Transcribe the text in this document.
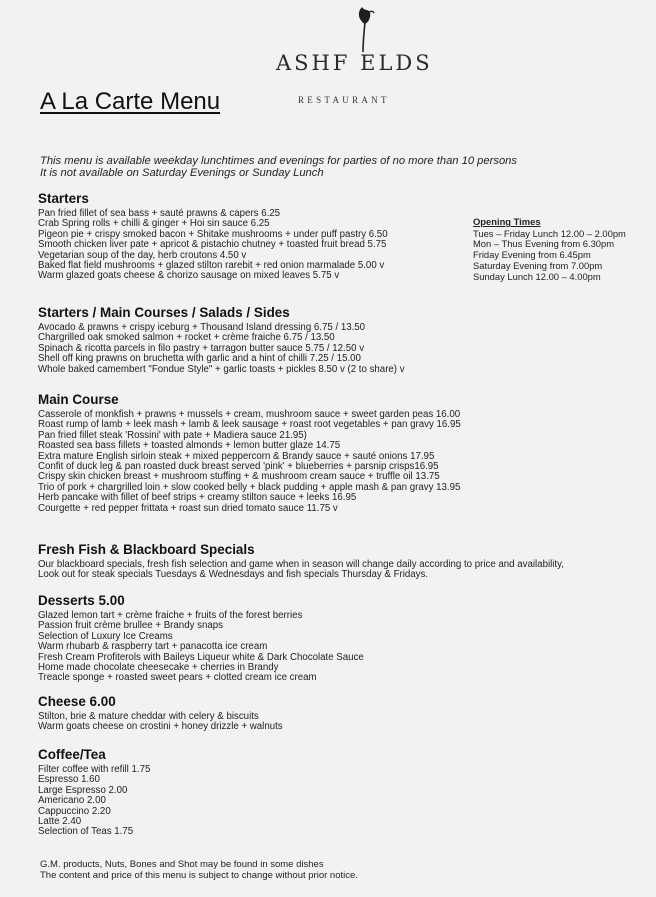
ASHF ELDS
RESTAURANT
A La Carte Menu
This menu is available weekday lunchtimes and evenings for parties of no more than 10 persons
It is not available on Saturday Evenings or Sunday Lunch
Starters
Pan fried fillet of sea bass + sauté prawns & capers 6.25
Crab Spring rolls + chilli & ginger + Hoi sin sauce 6.25
Pigeon pie + crispy smoked bacon + Shitake mushrooms + under puff pastry 6.50
Smooth chicken liver pate + apricot & pistachio chutney + toasted fruit bread 5.75
Vegetarian soup of the day, herb croutons 4.50 v
Baked flat field mushrooms + glazed stilton rarebit + red onion marmalade 5.00 v
Warm glazed goats cheese & chorizo sausage on mixed leaves 5.75 v
Opening Times
Tues – Friday Lunch 12.00 – 2.00pm
Mon – Thus Evening from 6.30pm
Friday Evening from 6.45pm
Saturday Evening from 7.00pm
Sunday Lunch 12.00 – 4.00pm
Starters / Main Courses / Salads / Sides
Avocado & prawns + crispy iceburg + Thousand Island dressing 6.75 / 13.50
Chargrilled oak smoked salmon + rocket + crème fraiche 6.75 / 13.50
Spinach & ricotta parcels in filo pastry + tarragon butter sauce 5.75 / 12.50 v
Shell off king prawns on bruchetta with garlic and a hint of chilli 7.25 / 15.00
Whole baked camembert "Fondue Style" + garlic toasts + pickles 8.50 v (2 to share) v
Main Course
Casserole of monkfish + prawns + mussels + cream, mushroom sauce + sweet garden peas 16.00
Roast rump of lamb + leek mash + lamb & leek sausage + roast root vegetables + pan gravy 16.95
Pan fried fillet steak 'Rossini' with pate + Madiera sauce 21.95)
Roasted sea bass fillets + toasted almonds + lemon butter glaze 14.75
Extra mature English sirloin steak + mixed peppercorn & Brandy sauce + sauté onions 17.95
Confit of duck leg & pan roasted duck breast served 'pink' + blueberries + parsnip crisps16.95
Crispy skin chicken breast + mushroom stuffing + & mushroom cream sauce + truffle oil 13.75
Trio of pork + chargrilled loin + slow cooked belly + black pudding + apple mash & pan gravy 13.95
Herb pancake with fillet of beef strips + creamy stilton sauce + leeks 16.95
Courgette + red pepper frittata + roast sun dried tomato sauce 11.75 v
Fresh Fish & Blackboard Specials
Our blackboard specials, fresh fish selection and game when in season will change daily according to price and availability,
Look out for steak specials Tuesdays & Wednesdays and fish specials Thursday & Fridays.
Desserts 5.00
Glazed lemon tart + crème fraiche + fruits of the forest berries
Passion fruit crème brullee + Brandy snaps
Selection of Luxury Ice Creams
Warm rhubarb & raspberry tart + panacotta ice cream
Fresh Cream Profiterols with Baileys Liqueur white & Dark Chocolate Sauce
Home made chocolate cheesecake + cherries in Brandy
Treacle sponge + roasted sweet pears + clotted cream ice cream
Cheese 6.00
Stilton, brie & mature cheddar with celery & biscuits
Warm goats cheese on crostini + honey drizzle + walnuts
Coffee/Tea
Filter coffee with refill 1.75
Espresso 1.60
Large Espresso 2.00
Americano 2.00
Cappuccino 2.20
Latte 2.40
Selection of Teas 1.75
G.M. products, Nuts, Bones and Shot may be found in some dishes
The content and price of this menu is subject to change without prior notice.
